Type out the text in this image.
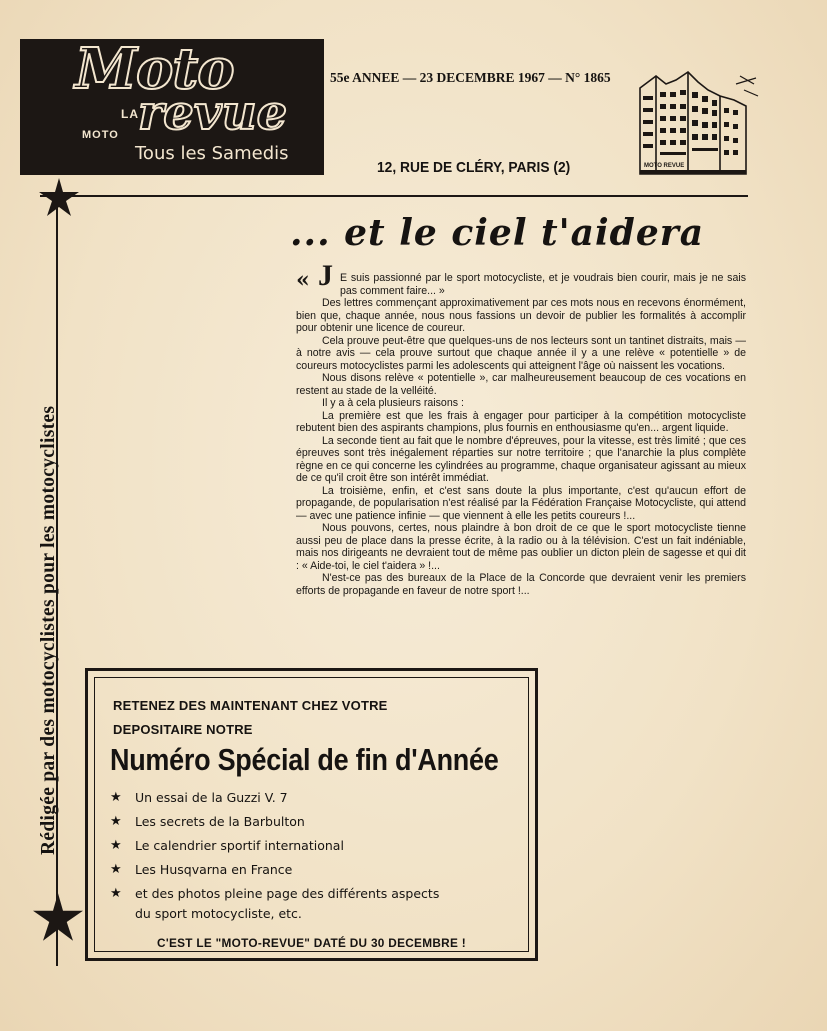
Moto
LA
MOTO revue
Tous les Samedis
55e ANNEE — 23 DECEMBRE 1967 — N° 1865
12, RUE DE CLÉRY, PARIS (2)	MOTO REVUE
Rédigée par des motocyclistes pour les motocyclistes
... et le ciel t'aidera
« J E suis passionné par le sport motocycliste, et je voudrais bien courir, mais je ne sais pas comment faire... »

Des lettres commençant approximativement par ces mots nous en recevons énormément, bien que, chaque année, nous nous fassions un devoir de publier les formalités à accomplir pour obtenir une licence de coureur.

Cela prouve peut-être que quelques-uns de nos lecteurs sont un tantinet distraits, mais — à notre avis — cela prouve surtout que chaque année il y a une relève « potentielle » de coureurs motocyclistes parmi les adolescents qui atteignent l'âge où naissent les vocations.

Nous disons relève « potentielle », car malheureusement beaucoup de ces vocations en restent au stade de la velléité.

Il y a à cela plusieurs raisons :

La première est que les frais à engager pour participer à la compétition motocycliste rebutent bien des aspirants champions, plus fournis en enthousiasme qu'en... argent liquide.

La seconde tient au fait que le nombre d'épreuves, pour la vitesse, est très limité ; que ces épreuves sont très inégalement réparties sur notre territoire ; que l'anarchie la plus complète règne en ce qui concerne les cylindrées au programme, chaque organisateur agissant au mieux de ce qu'il croit être son intérêt immédiat.

La troisième, enfin, et c'est sans doute la plus importante, c'est qu'aucun effort de propagande, de popularisation n'est réalisé par la Fédération Française Motocycliste, qui attend — avec une patience infinie — que viennent à elle les petits coureurs !...

Nous pouvons, certes, nous plaindre à bon droit de ce que le sport motocycliste tienne aussi peu de place dans la presse écrite, à la radio ou à la télévision. C'est un fait indéniable, mais nos dirigeants ne devraient tout de même pas oublier un dicton plein de sagesse et qui dit : « Aide-toi, le ciel t'aidera » !...

N'est-ce pas des bureaux de la Place de la Concorde que devraient venir les premiers efforts de propagande en faveur de notre sport !...

RETENEZ DES MAINTENANT CHEZ VOTRE
DEPOSITAIRE NOTRE
Numéro Spécial de fin d'Année
★ Un essai de la Guzzi V. 7
★ Les secrets de la Barbulton
★ Le calendrier sportif international
★ Les Husqvarna en France
★ et des photos pleine page des différents aspects
du sport motocycliste, etc.
C'EST LE "MOTO-REVUE" DATÉ DU 30 DECEMBRE !
